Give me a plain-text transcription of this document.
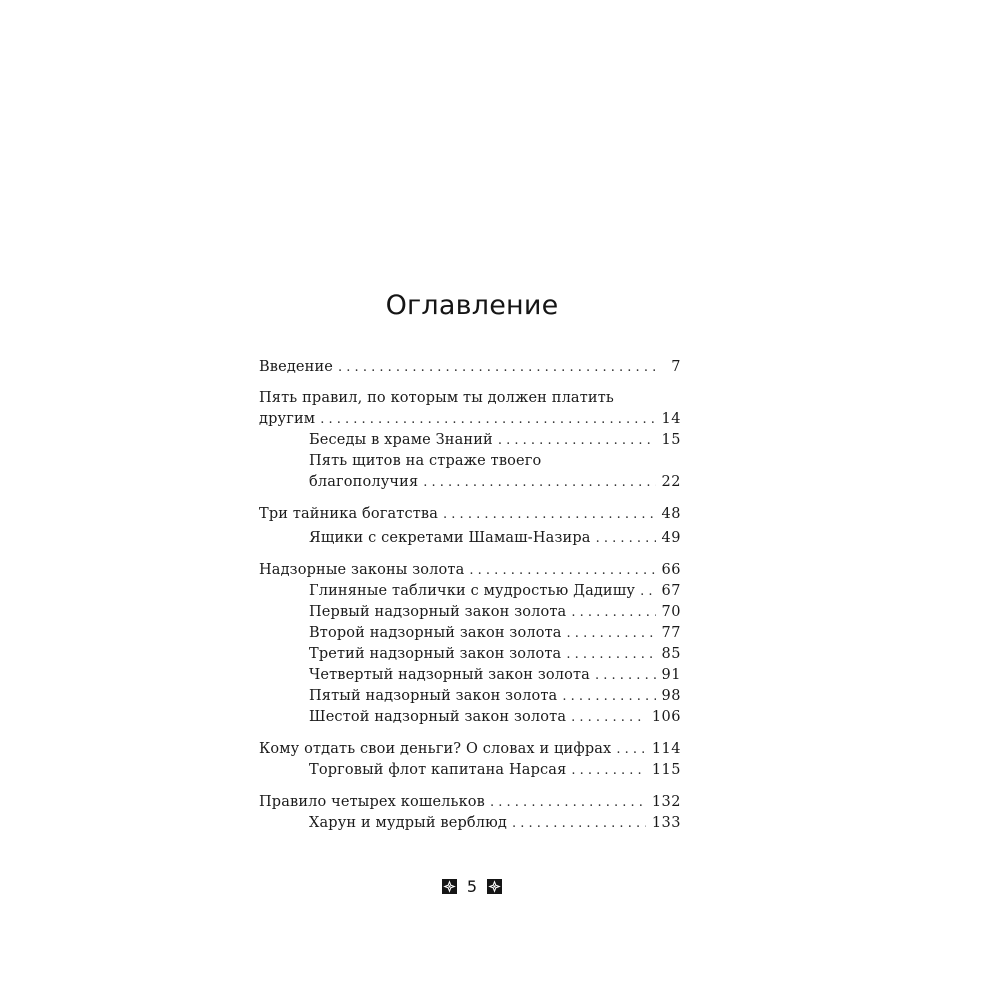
Оглавление
Введение . . .	7
Пять правил, по которым ты должен платить
другим . . .	14
Беседы в храме Знаний . . .	15
Пять щитов на страже твоего
благополучия . . .	22
Три тайника богатства . . .	48
Ящики с секретами Шамаш-Назира . . .	49
Надзорные законы золота . . .	66
Глиняные таблички с мудростью Дадишу . . . 67
Первый надзорный закон золота . . .	70
Второй надзорный закон золота . . .	77
Третий надзорный закон золота . . .	85
Четвертый надзорный закон золота . . .	91
Пятый надзорный закон золота . . .	98
Шестой надзорный закон золота . . .	106
Кому отдать свои деньги? О словах и цифрах . . .	114
Торговый флот капитана Нарсая . . .	115
Правило четырех кошельков . . .	132
Харун и мудрый верблюд . . .	133
5
